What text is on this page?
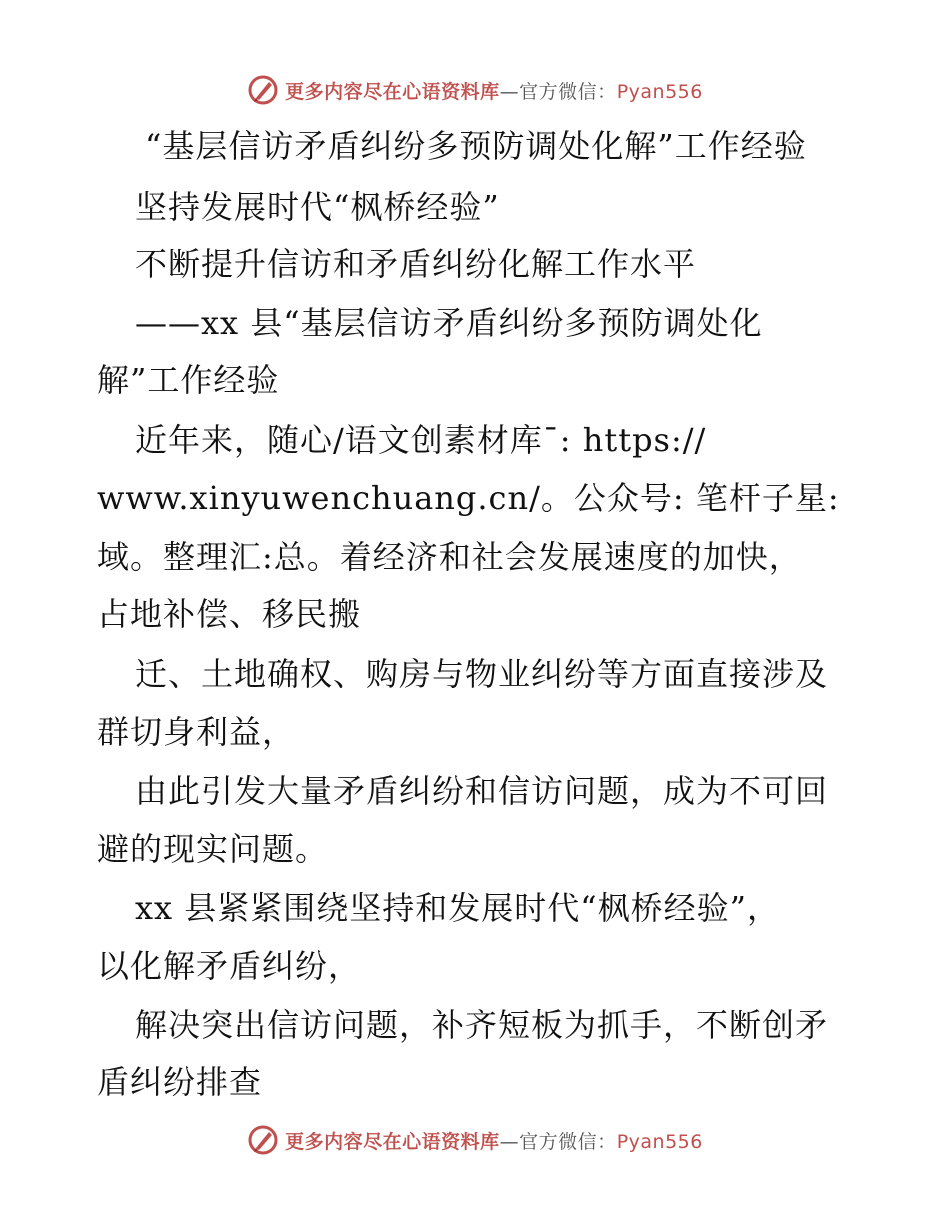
更多内容尽在心语资料库—官方微信：Pyan556
“基层信访矛盾纠纷多预防调处化解”工作经验
坚持发展时代“枫桥经验”
不断提升信访和矛盾纠纷化解工作水平
——xx 县“基层信访矛盾纠纷多预防调处化
解”工作经验
近年来，随心/语文创素材库¯: https://
www.xinyuwenchuang.cn/。公众号: 笔杆子星:
域。整理汇:总。着经济和社会发展速度的加快，
占地补偿、移民搬
迁、土地确权、购房与物业纠纷等方面直接涉及
群切身利益，
由此引发大量矛盾纠纷和信访问题，成为不可回
避的现实问题。
xx 县紧紧围绕坚持和发展时代“枫桥经验”，
以化解矛盾纠纷，
解决突出信访问题，补齐短板为抓手，不断创矛
盾纠纷排查
更多内容尽在心语资料库—官方微信：Pyan556
